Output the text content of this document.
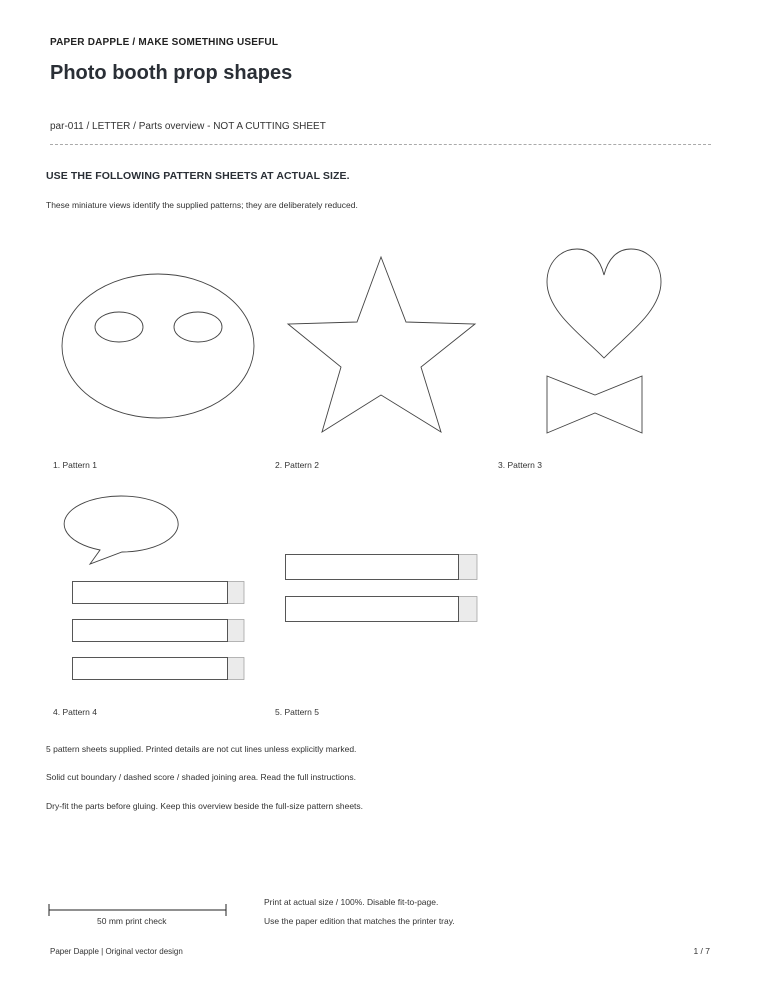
PAPER DAPPLE / MAKE SOMETHING USEFUL
Photo booth prop shapes
par-011 / LETTER / Parts overview - NOT A CUTTING SHEET
USE THE FOLLOWING PATTERN SHEETS AT ACTUAL SIZE.
These miniature views identify the supplied patterns; they are deliberately reduced.
1. Pattern 1	2. Pattern 2	3. Pattern 3
4. Pattern 4	5. Pattern 5
5 pattern sheets supplied. Printed details are not cut lines unless explicitly marked.
Solid cut boundary / dashed score / shaded joining area. Read the full instructions.
Dry-fit the parts before gluing. Keep this overview beside the full-size pattern sheets.
50 mm print check
Print at actual size / 100%. Disable fit-to-page.
Use the paper edition that matches the printer tray.
Paper Dapple | Original vector design	1 / 7
